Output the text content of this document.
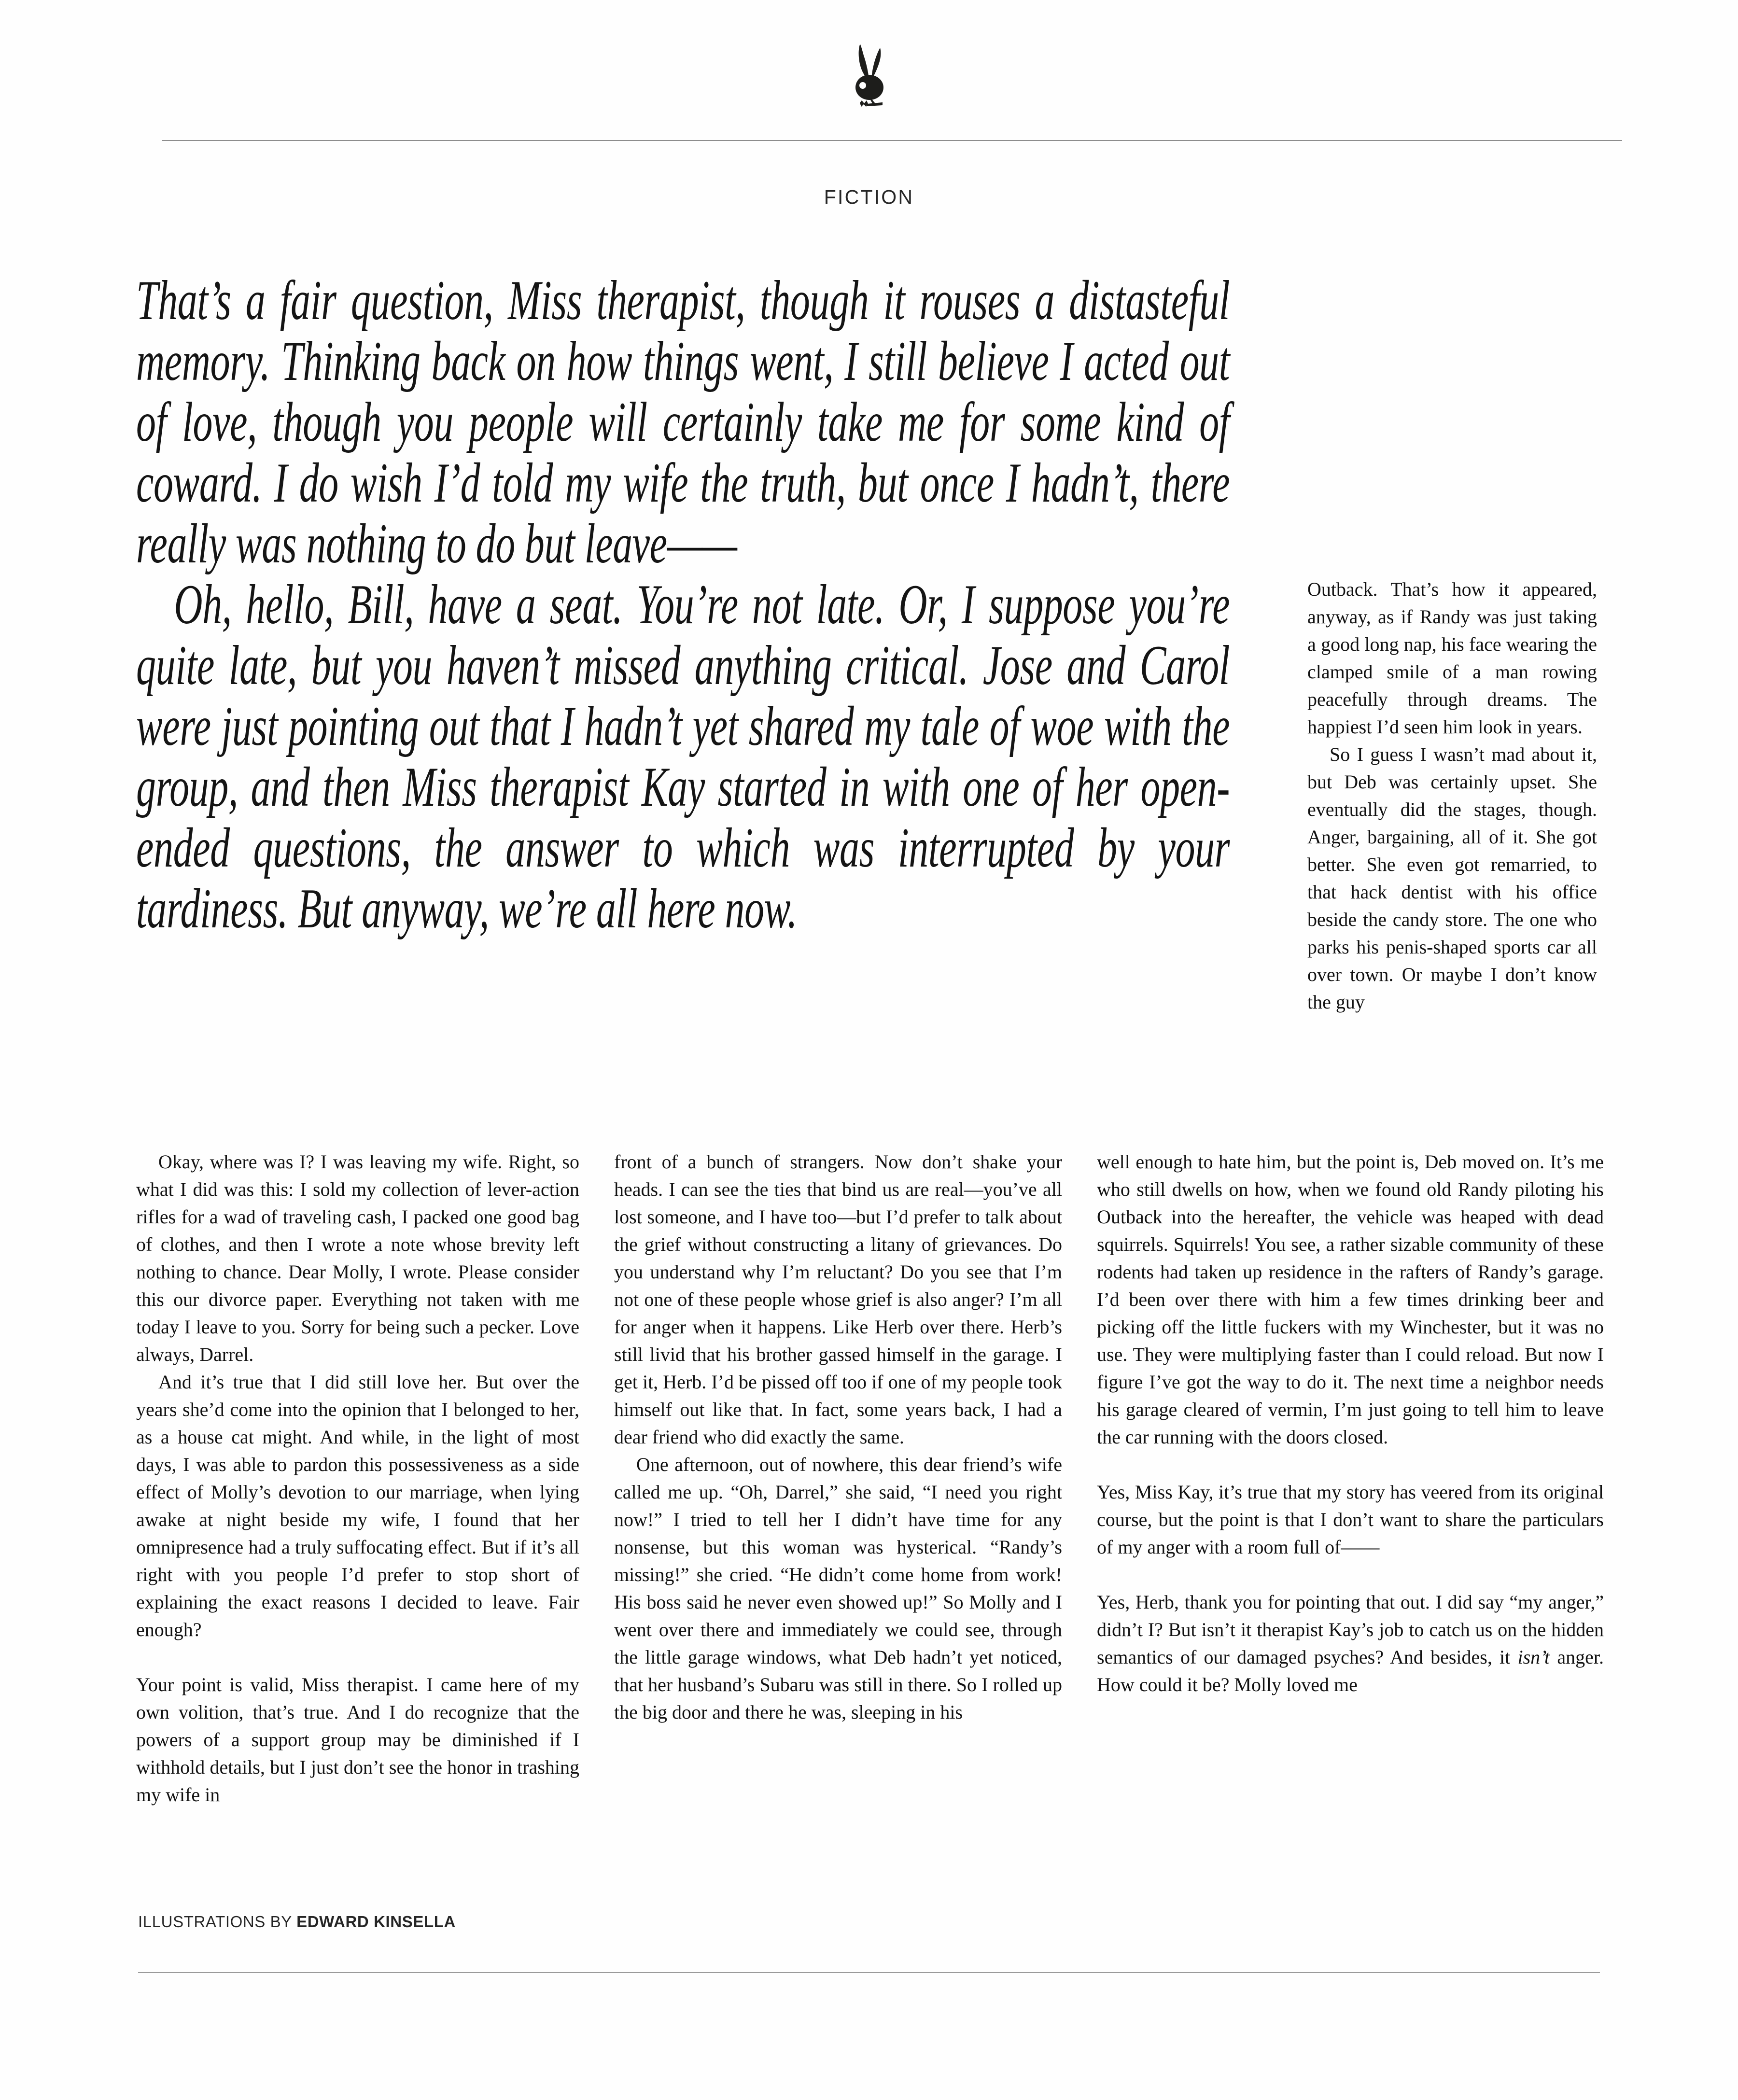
FICTION

That’s a fair question, Miss therapist, though it rouses a distasteful memory. Thinking back on how things went, I still believe I acted out of love, though you people will certainly take me for some kind of coward. I do wish I’d told my wife the truth, but once I hadn’t, there really was nothing to do but leave——

Oh, hello, Bill, have a seat. You’re not late. Or, I suppose you’re quite late, but you haven’t missed anything critical. Jose and Carol were just pointing out that I hadn’t yet shared my tale of woe with the group, and then Miss therapist Kay started in with one of her open-ended questions, the answer to which was interrupted by your tardiness. But anyway, we’re all here now.

Outback. That’s how it appeared, anyway, as if Randy was just taking a good long nap, his face wearing the clamped smile of a man rowing peacefully through dreams. The happiest I’d seen him look in years.

So I guess I wasn’t mad about it, but Deb was certainly upset. She eventually did the stages, though. Anger, bargaining, all of it. She got better. She even got remarried, to that hack dentist with his office beside the candy store. The one who parks his penis-shaped sports car all over town. Or maybe I don’t know the guy

Okay, where was I? I was leaving my wife. Right, so what I did was this: I sold my collection of lever-action rifles for a wad of traveling cash, I packed one good bag of clothes, and then I wrote a note whose brevity left nothing to chance. Dear Molly, I wrote. Please consider this our divorce paper. Everything not taken with me today I leave to you. Sorry for being such a pecker. Love always, Darrel.

And it’s true that I did still love her. But over the years she’d come into the opinion that I belonged to her, as a house cat might. And while, in the light of most days, I was able to pardon this possessiveness as a side effect of Molly’s devotion to our marriage, when lying awake at night beside my wife, I found that her omnipresence had a truly suffocating effect. But if it’s all right with you people I’d prefer to stop short of explaining the exact reasons I decided to leave. Fair enough?

Your point is valid, Miss therapist. I came here of my own volition, that’s true. And I do recognize that the powers of a support group may be diminished if I withhold details, but I just don’t see the honor in trashing my wife in

front of a bunch of strangers. Now don’t shake your heads. I can see the ties that bind us are real—you’ve all lost someone, and I have too—but I’d prefer to talk about the grief without constructing a litany of grievances. Do you understand why I’m reluctant? Do you see that I’m not one of these people whose grief is also anger? I’m all for anger when it happens. Like Herb over there. Herb’s still livid that his brother gassed himself in the garage. I get it, Herb. I’d be pissed off too if one of my people took himself out like that. In fact, some years back, I had a dear friend who did exactly the same.

One afternoon, out of nowhere, this dear friend’s wife called me up. “Oh, Darrel,” she said, “I need you right now!” I tried to tell her I didn’t have time for any nonsense, but this woman was hysterical. “Randy’s missing!” she cried. “He didn’t come home from work! His boss said he never even showed up!” So Molly and I went over there and immediately we could see, through the little garage windows, what Deb hadn’t yet noticed, that her husband’s Subaru was still in there. So I rolled up the big door and there he was, sleeping in his

well enough to hate him, but the point is, Deb moved on. It’s me who still dwells on how, when we found old Randy piloting his Outback into the hereafter, the vehicle was heaped with dead squirrels. Squirrels! You see, a rather sizable community of these rodents had taken up residence in the rafters of Randy’s garage. I’d been over there with him a few times drinking beer and picking off the little fuckers with my Winchester, but it was no use. They were multiplying faster than I could reload. But now I figure I’ve got the way to do it. The next time a neighbor needs his garage cleared of vermin, I’m just going to tell him to leave the car running with the doors closed.

Yes, Miss Kay, it’s true that my story has veered from its original course, but the point is that I don’t want to share the particulars of my anger with a room full of——

Yes, Herb, thank you for pointing that out. I did say “my anger,” didn’t I? But isn’t it therapist Kay’s job to catch us on the hidden semantics of our damaged psyches? And besides, it isn’t anger. How could it be? Molly loved me

ILLUSTRATIONS BY EDWARD KINSELLA
